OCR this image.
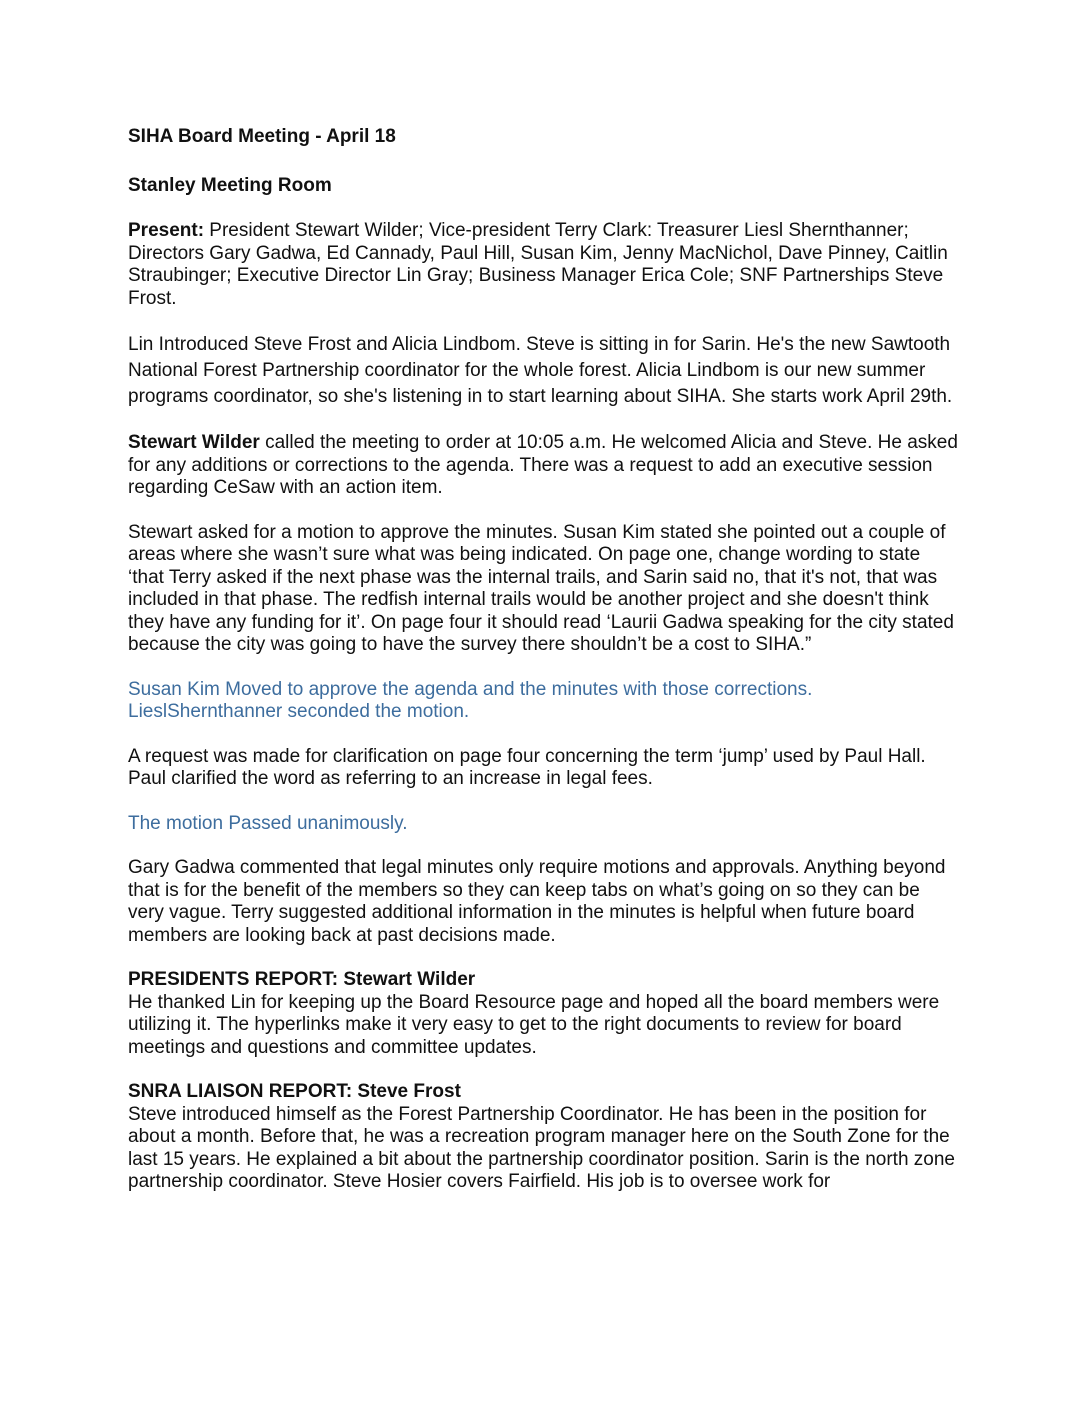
SIHA Board Meeting - April 18

Stanley Meeting Room

Present: President Stewart Wilder; Vice-president Terry Clark: Treasurer Liesl Shernthanner; Directors Gary Gadwa, Ed Cannady, Paul Hill, Susan Kim, Jenny MacNichol, Dave Pinney, Caitlin Straubinger; Executive Director Lin Gray; Business Manager Erica Cole; SNF Partnerships Steve Frost.

Lin Introduced Steve Frost and Alicia Lindbom. Steve is sitting in for Sarin. He's the new Sawtooth National Forest Partnership coordinator for the whole forest. Alicia Lindbom is our new summer programs coordinator, so she's listening in to start learning about SIHA. She starts work April 29th.

Stewart Wilder called the meeting to order at 10:05 a.m. He welcomed Alicia and Steve. He asked for any additions or corrections to the agenda. There was a request to add an executive session regarding CeSaw with an action item.

Stewart asked for a motion to approve the minutes. Susan Kim stated she pointed out a couple of areas where she wasn’t sure what was being indicated. On page one, change wording to state ‘that Terry asked if the next phase was the internal trails, and Sarin said no, that it's not, that was included in that phase. The redfish internal trails would be another project and she doesn't think they have any funding for it’. On page four it should read ‘Laurii Gadwa speaking for the city stated because the city was going to have the survey there shouldn’t be a cost to SIHA.”

Susan Kim Moved to approve the agenda and the minutes with those corrections. LieslShernthanner seconded the motion.

A request was made for clarification on page four concerning the term ‘jump’ used by Paul Hall. Paul clarified the word as referring to an increase in legal fees.

The motion Passed unanimously.

Gary Gadwa commented that legal minutes only require motions and approvals. Anything beyond that is for the benefit of the members so they can keep tabs on what’s going on so they can be very vague. Terry suggested additional information in the minutes is helpful when future board members are looking back at past decisions made.

PRESIDENTS REPORT: Stewart Wilder

He thanked Lin for keeping up the Board Resource page and hoped all the board members were utilizing it. The hyperlinks make it very easy to get to the right documents to review for board meetings and questions and committee updates.

SNRA LIAISON REPORT: Steve Frost

Steve introduced himself as the Forest Partnership Coordinator. He has been in the position for about a month. Before that, he was a recreation program manager here on the South Zone for the last 15 years. He explained a bit about the partnership coordinator position. Sarin is the north zone partnership coordinator. Steve Hosier covers Fairfield. His job is to oversee work for
